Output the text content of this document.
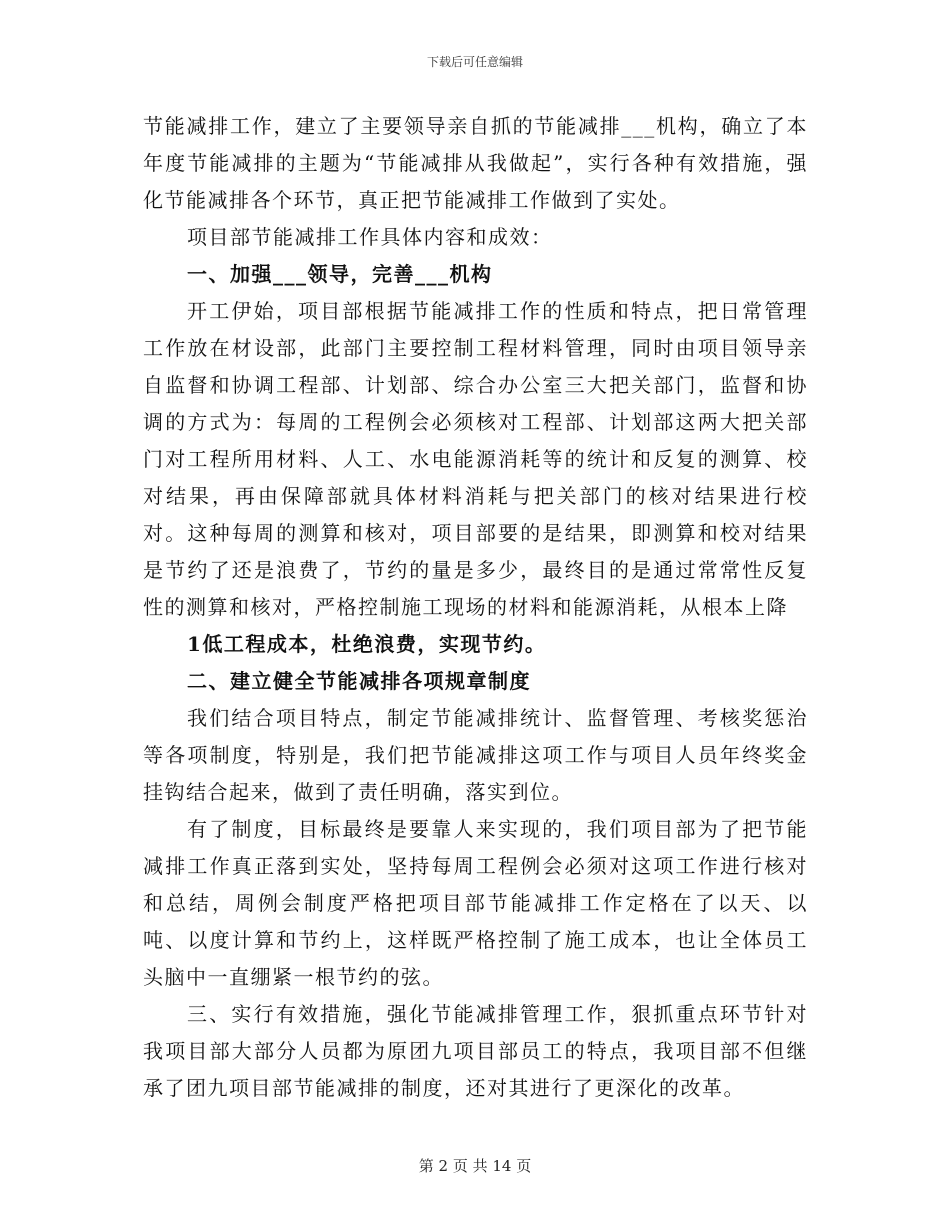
下载后可任意编辑

节能减排工作，建立了主要领导亲自抓的节能减排___机构，确立了本年度节能减排的主题为“节能减排从我做起”，实行各种有效措施，强化节能减排各个环节，真正把节能减排工作做到了实处。

项目部节能减排工作具体内容和成效：

一、加强___领导，完善___机构

开工伊始，项目部根据节能减排工作的性质和特点，把日常管理工作放在材设部，此部门主要控制工程材料管理，同时由项目领导亲自监督和协调工程部、计划部、综合办公室三大把关部门，监督和协调的方式为：每周的工程例会必须核对工程部、计划部这两大把关部门对工程所用材料、人工、水电能源消耗等的统计和反复的测算、校对结果，再由保障部就具体材料消耗与把关部门的核对结果进行校对。这种每周的测算和核对，项目部要的是结果，即测算和校对结果是节约了还是浪费了，节约的量是多少，最终目的是通过常常性反复性的测算和核对，严格控制施工现场的材料和能源消耗，从根本上降

1低工程成本，杜绝浪费，实现节约。

二、建立健全节能减排各项规章制度

我们结合项目特点，制定节能减排统计、监督管理、考核奖惩治等各项制度，特别是，我们把节能减排这项工作与项目人员年终奖金挂钩结合起来，做到了责任明确，落实到位。

有了制度，目标最终是要靠人来实现的，我们项目部为了把节能减排工作真正落到实处，坚持每周工程例会必须对这项工作进行核对和总结，周例会制度严格把项目部节能减排工作定格在了以天、以吨、以度计算和节约上，这样既严格控制了施工成本，也让全体员工头脑中一直绷紧一根节约的弦。

三、实行有效措施，强化节能减排管理工作，狠抓重点环节针对我项目部大部分人员都为原团九项目部员工的特点，我项目部不但继承了团九项目部节能减排的制度，还对其进行了更深化的改革。

第 2 页 共 14 页
